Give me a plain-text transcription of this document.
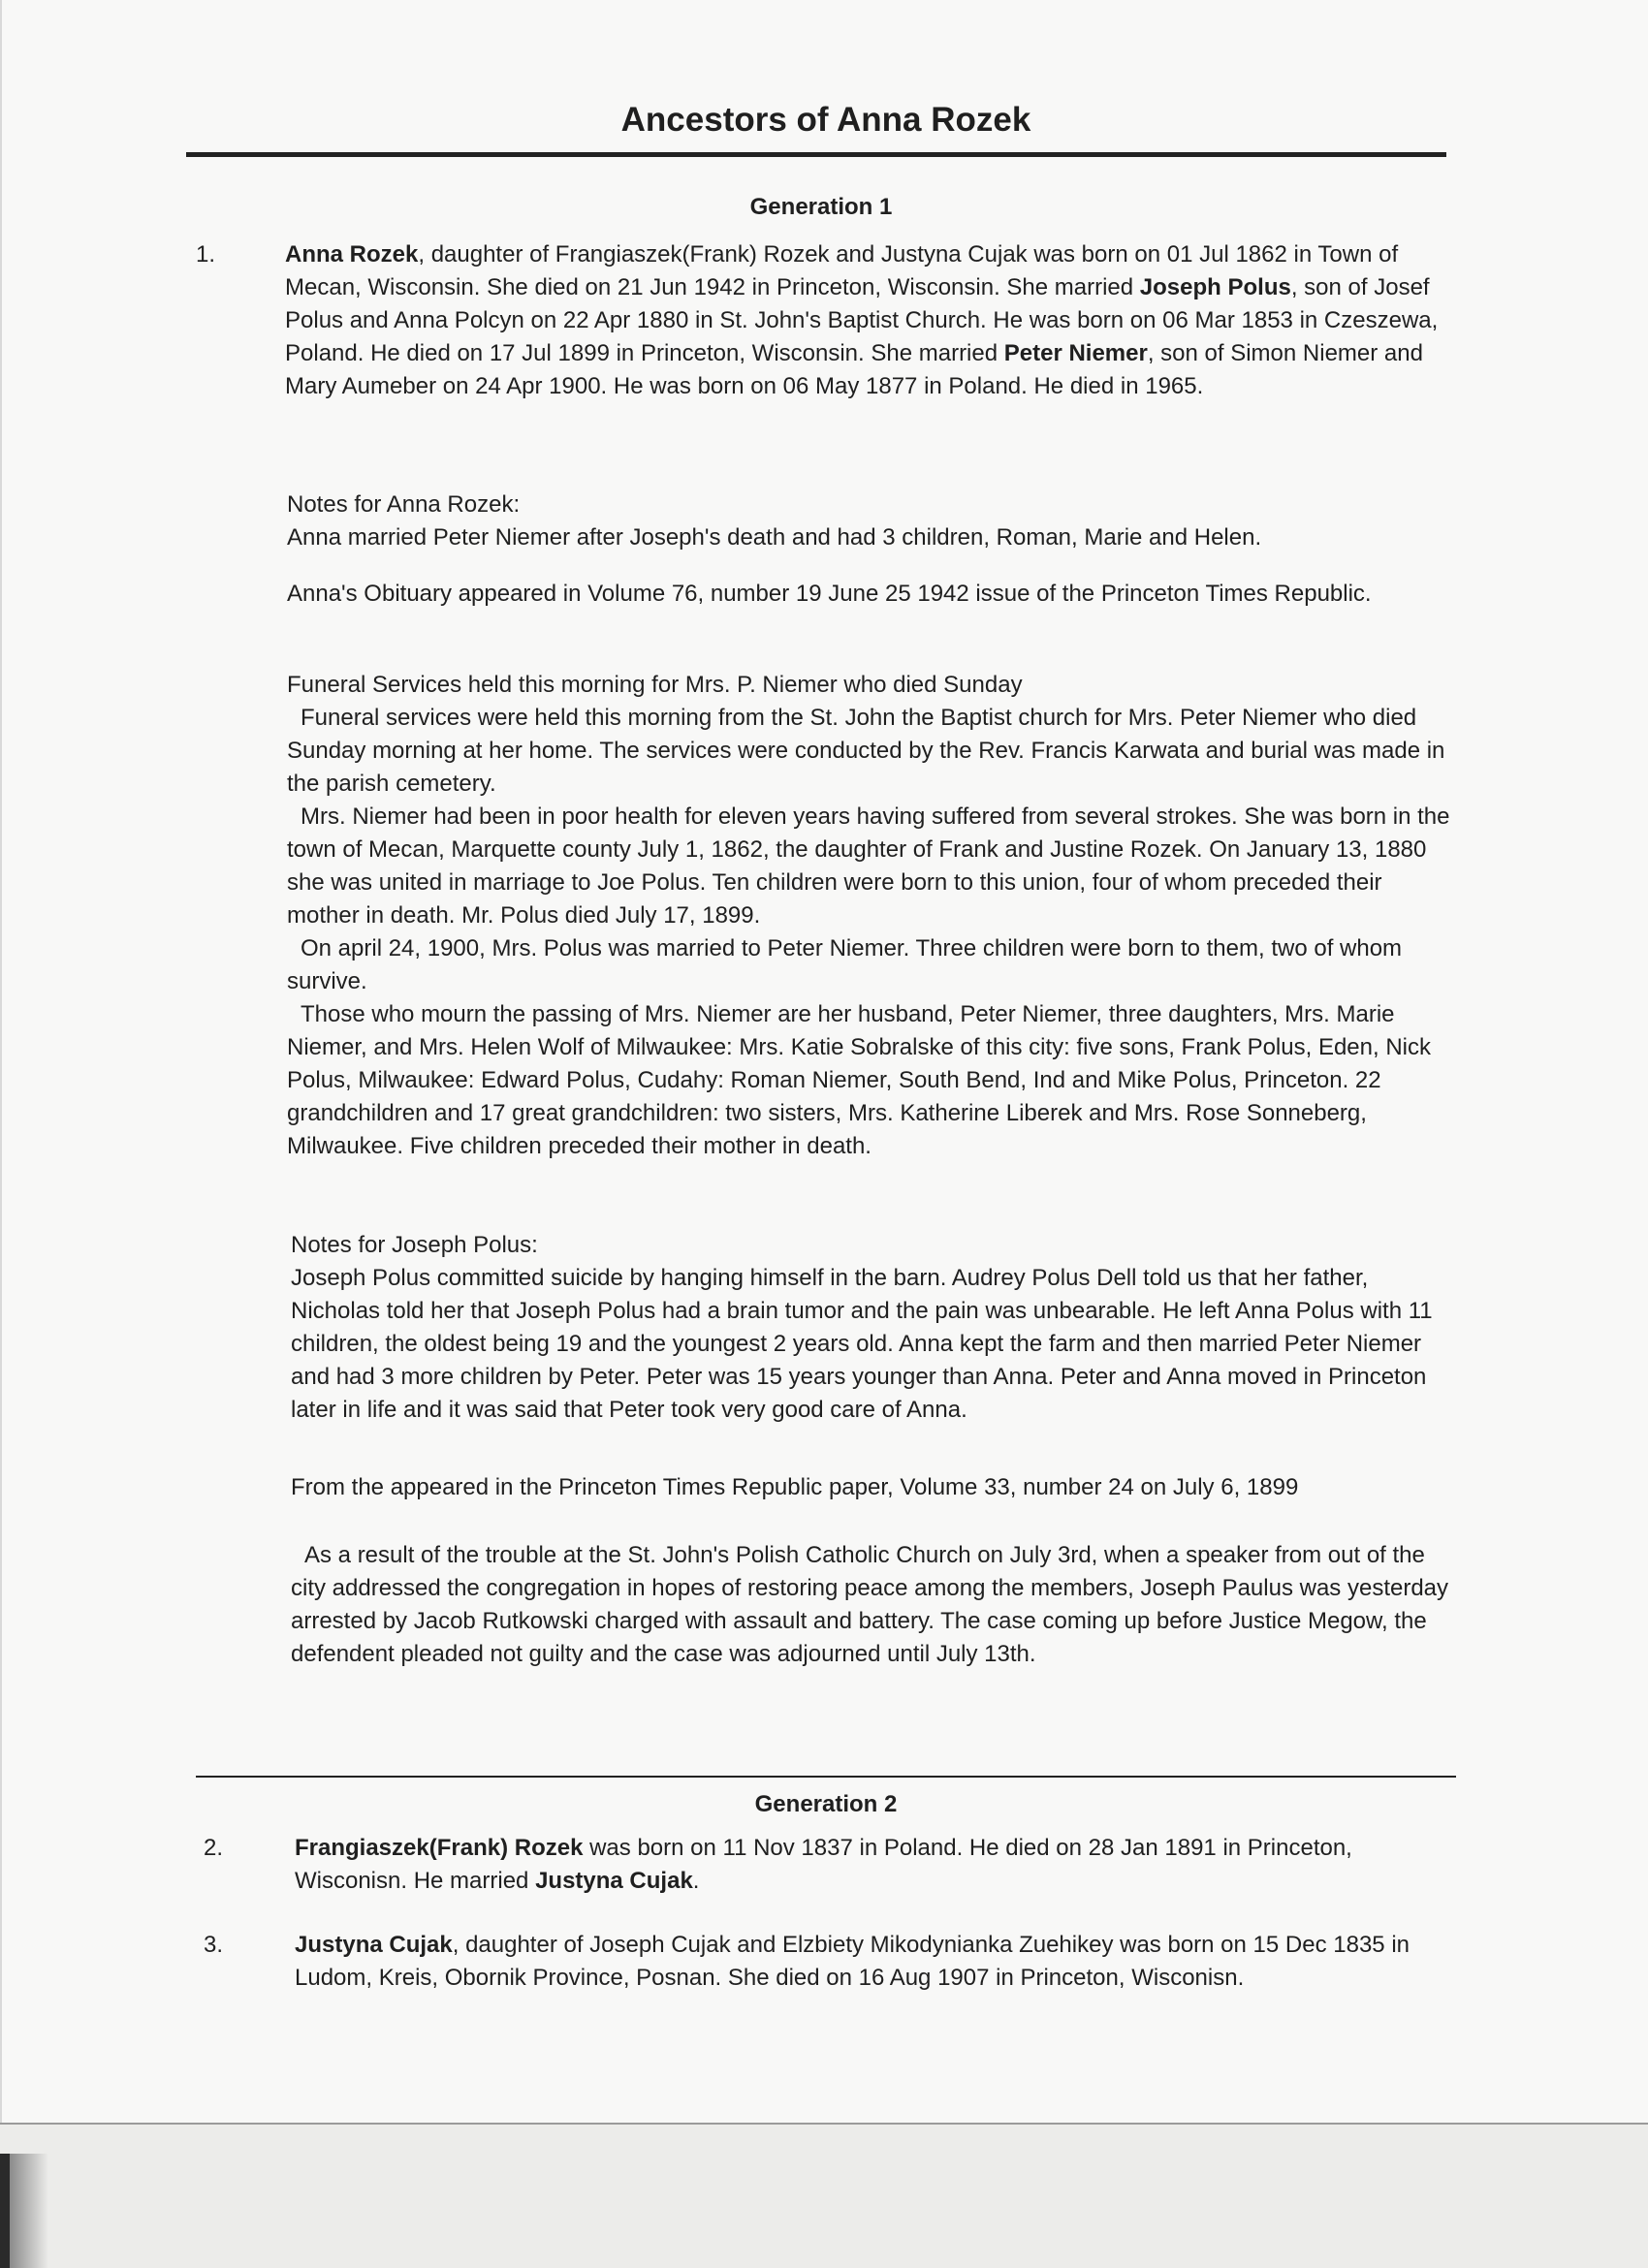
Ancestors of Anna Rozek
Generation 1
1.	Anna Rozek, daughter of Frangiaszek(Frank) Rozek and Justyna Cujak was born on 01 Jul 1862 in Town of Mecan, Wisconsin. She died on 21 Jun 1942 in Princeton, Wisconsin. She married Joseph Polus, son of Josef Polus and Anna Polcyn on 22 Apr 1880 in St. John's Baptist Church. He was born on 06 Mar 1853 in Czeszewa, Poland. He died on 17 Jul 1899 in Princeton, Wisconsin. She married Peter Niemer, son of Simon Niemer and Mary Aumeber on 24 Apr 1900. He was born on 06 May 1877 in Poland. He died in 1965.

Notes for Anna Rozek:

Anna married Peter Niemer after Joseph's death and had 3 children, Roman, Marie and Helen.

Anna's Obituary appeared in Volume 76, number 19 June 25 1942 issue of the Princeton Times Republic.

Funeral Services held this morning for Mrs. P. Niemer who died Sunday

Funeral services were held this morning from the St. John the Baptist church for Mrs. Peter Niemer who died Sunday morning at her home. The services were conducted by the Rev. Francis Karwata and burial was made in the parish cemetery.

Mrs. Niemer had been in poor health for eleven years having suffered from several strokes. She was born in the town of Mecan, Marquette county July 1, 1862, the daughter of Frank and Justine Rozek. On January 13, 1880 she was united in marriage to Joe Polus. Ten children were born to this union, four of whom preceded their mother in death. Mr. Polus died July 17, 1899.

On april 24, 1900, Mrs. Polus was married to Peter Niemer. Three children were born to them, two of whom survive.

Those who mourn the passing of Mrs. Niemer are her husband, Peter Niemer, three daughters, Mrs. Marie Niemer, and Mrs. Helen Wolf of Milwaukee: Mrs. Katie Sobralske of this city: five sons, Frank Polus, Eden, Nick Polus, Milwaukee: Edward Polus, Cudahy: Roman Niemer, South Bend, Ind and Mike Polus, Princeton. 22 grandchildren and 17 great grandchildren: two sisters, Mrs. Katherine Liberek and Mrs. Rose Sonneberg, Milwaukee. Five children preceded their mother in death.

Notes for Joseph Polus:

Joseph Polus committed suicide by hanging himself in the barn. Audrey Polus Dell told us that her father, Nicholas told her that Joseph Polus had a brain tumor and the pain was unbearable. He left Anna Polus with 11 children, the oldest being 19 and the youngest 2 years old. Anna kept the farm and then married Peter Niemer and had 3 more children by Peter. Peter was 15 years younger than Anna. Peter and Anna moved in Princeton later in life and it was said that Peter took very good care of Anna.

From the appeared in the Princeton Times Republic paper, Volume 33, number 24 on July 6, 1899

As a result of the trouble at the St. John's Polish Catholic Church on July 3rd, when a speaker from out of the city addressed the congregation in hopes of restoring peace among the members, Joseph Paulus was yesterday arrested by Jacob Rutkowski charged with assault and battery. The case coming up before Justice Megow, the defendent pleaded not guilty and the case was adjourned until July 13th.

Generation 2
2.	Frangiaszek(Frank) Rozek was born on 11 Nov 1837 in Poland. He died on 28 Jan 1891 in Princeton, Wisconisn. He married Justyna Cujak.

3.	Justyna Cujak, daughter of Joseph Cujak and Elzbiety Mikodynianka Zuehikey was born on 15 Dec 1835 in Ludom, Kreis, Obornik Province, Posnan. She died on 16 Aug 1907 in Princeton, Wisconisn.
